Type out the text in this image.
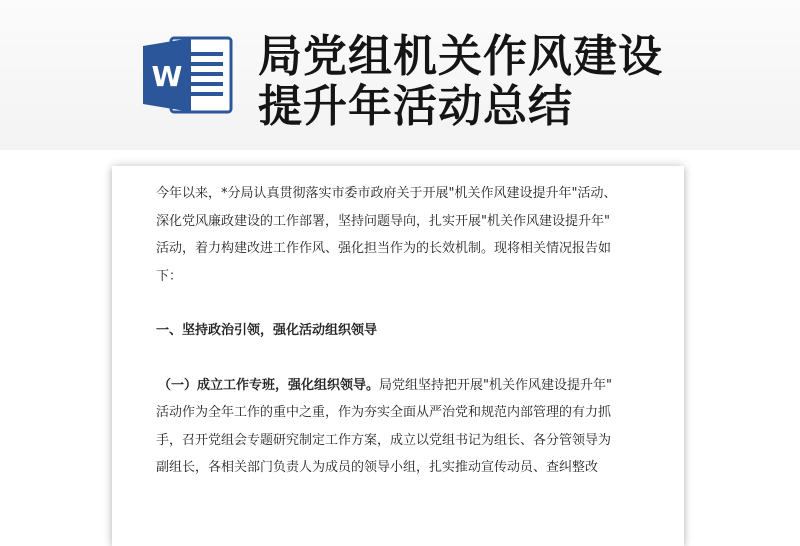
W 局党组机关作风建设
提升年活动总结

今年以来，*分局认真贯彻落实市委市政府关于开展"机关作风建设提升年"活动、

深化党风廉政建设的工作部署，坚持问题导向，扎实开展"机关作风建设提升年"

活动，着力构建改进工作作风、强化担当作为的长效机制。现将相关情况报告如

下：

一、坚持政治引领，强化活动组织领导

（一）成立工作专班，强化组织领导。局党组坚持把开展"机关作风建设提升年"

活动作为全年工作的重中之重，作为夯实全面从严治党和规范内部管理的有力抓

手，召开党组会专题研究制定工作方案，成立以党组书记为组长、各分管领导为

副组长，各相关部门负责人为成员的领导小组，扎实推动宣传动员、查纠整改
